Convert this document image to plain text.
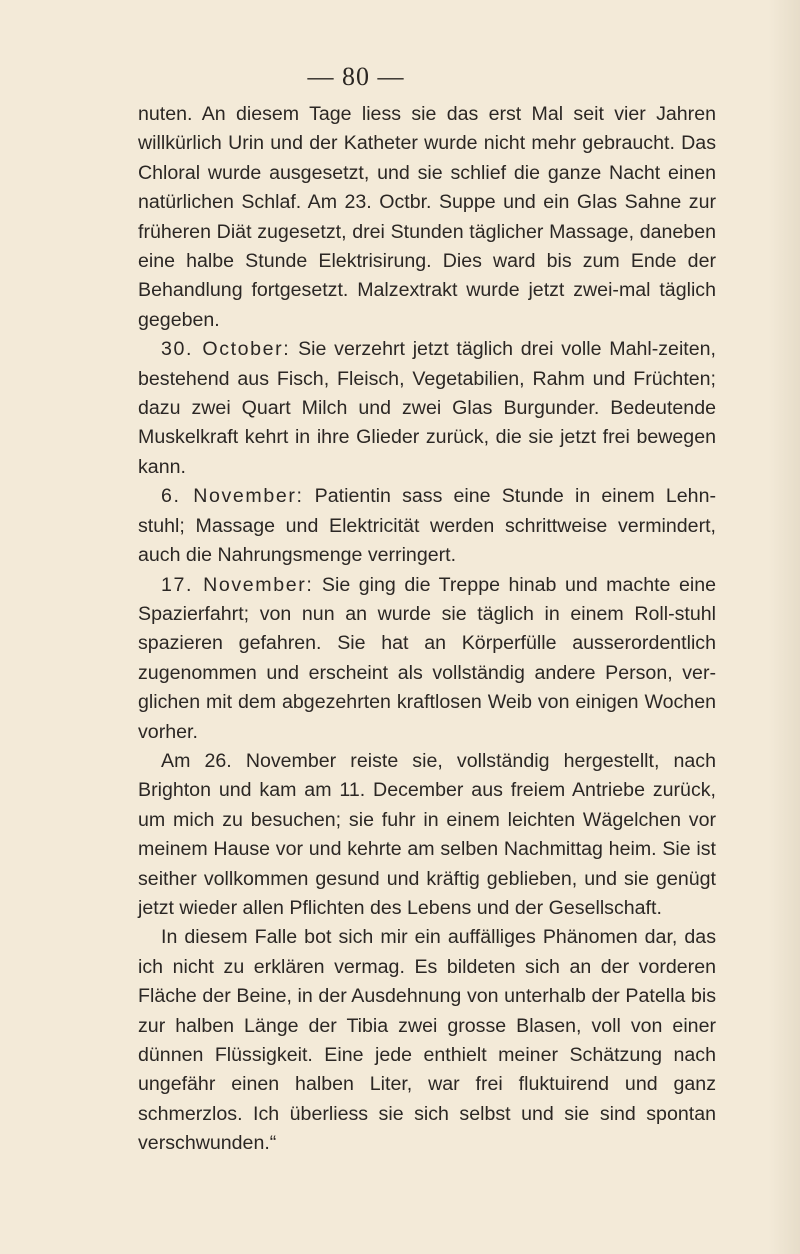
— 80 —

nuten. An diesem Tage liess sie das erst Mal seit vier Jahren willkürlich Urin und der Katheter wurde nicht mehr gebraucht. Das Chloral wurde ausgesetzt, und sie schlief die ganze Nacht einen natürlichen Schlaf. Am 23. Octbr. Suppe und ein Glas Sahne zur früheren Diät zugesetzt, drei Stunden täglicher Massage, daneben eine halbe Stunde Elektrisirung. Dies ward bis zum Ende der Behandlung fortgesetzt. Malzextrakt wurde jetzt zwei-mal täglich gegeben.

30. October: Sie verzehrt jetzt täglich drei volle Mahl-zeiten, bestehend aus Fisch, Fleisch, Vegetabilien, Rahm und Früchten; dazu zwei Quart Milch und zwei Glas Burgunder. Bedeutende Muskelkraft kehrt in ihre Glieder zurück, die sie jetzt frei bewegen kann.

6. November: Patientin sass eine Stunde in einem Lehn-stuhl; Massage und Elektricität werden schrittweise vermindert, auch die Nahrungsmenge verringert.

17. November: Sie ging die Treppe hinab und machte eine Spazierfahrt; von nun an wurde sie täglich in einem Roll-stuhl spazieren gefahren. Sie hat an Körperfülle ausserordentlich zugenommen und erscheint als vollständig andere Person, ver-glichen mit dem abgezehrten kraftlosen Weib von einigen Wochen vorher.

Am 26. November reiste sie, vollständig hergestellt, nach Brighton und kam am 11. December aus freiem Antriebe zurück, um mich zu besuchen; sie fuhr in einem leichten Wägelchen vor meinem Hause vor und kehrte am selben Nachmittag heim. Sie ist seither vollkommen gesund und kräftig geblieben, und sie genügt jetzt wieder allen Pflichten des Lebens und der Gesellschaft.

In diesem Falle bot sich mir ein auffälliges Phänomen dar, das ich nicht zu erklären vermag. Es bildeten sich an der vorderen Fläche der Beine, in der Ausdehnung von unterhalb der Patella bis zur halben Länge der Tibia zwei grosse Blasen, voll von einer dünnen Flüssigkeit. Eine jede enthielt meiner Schätzung nach ungefähr einen halben Liter, war frei fluktuirend und ganz schmerzlos. Ich überliess sie sich selbst und sie sind spontan verschwunden.“
